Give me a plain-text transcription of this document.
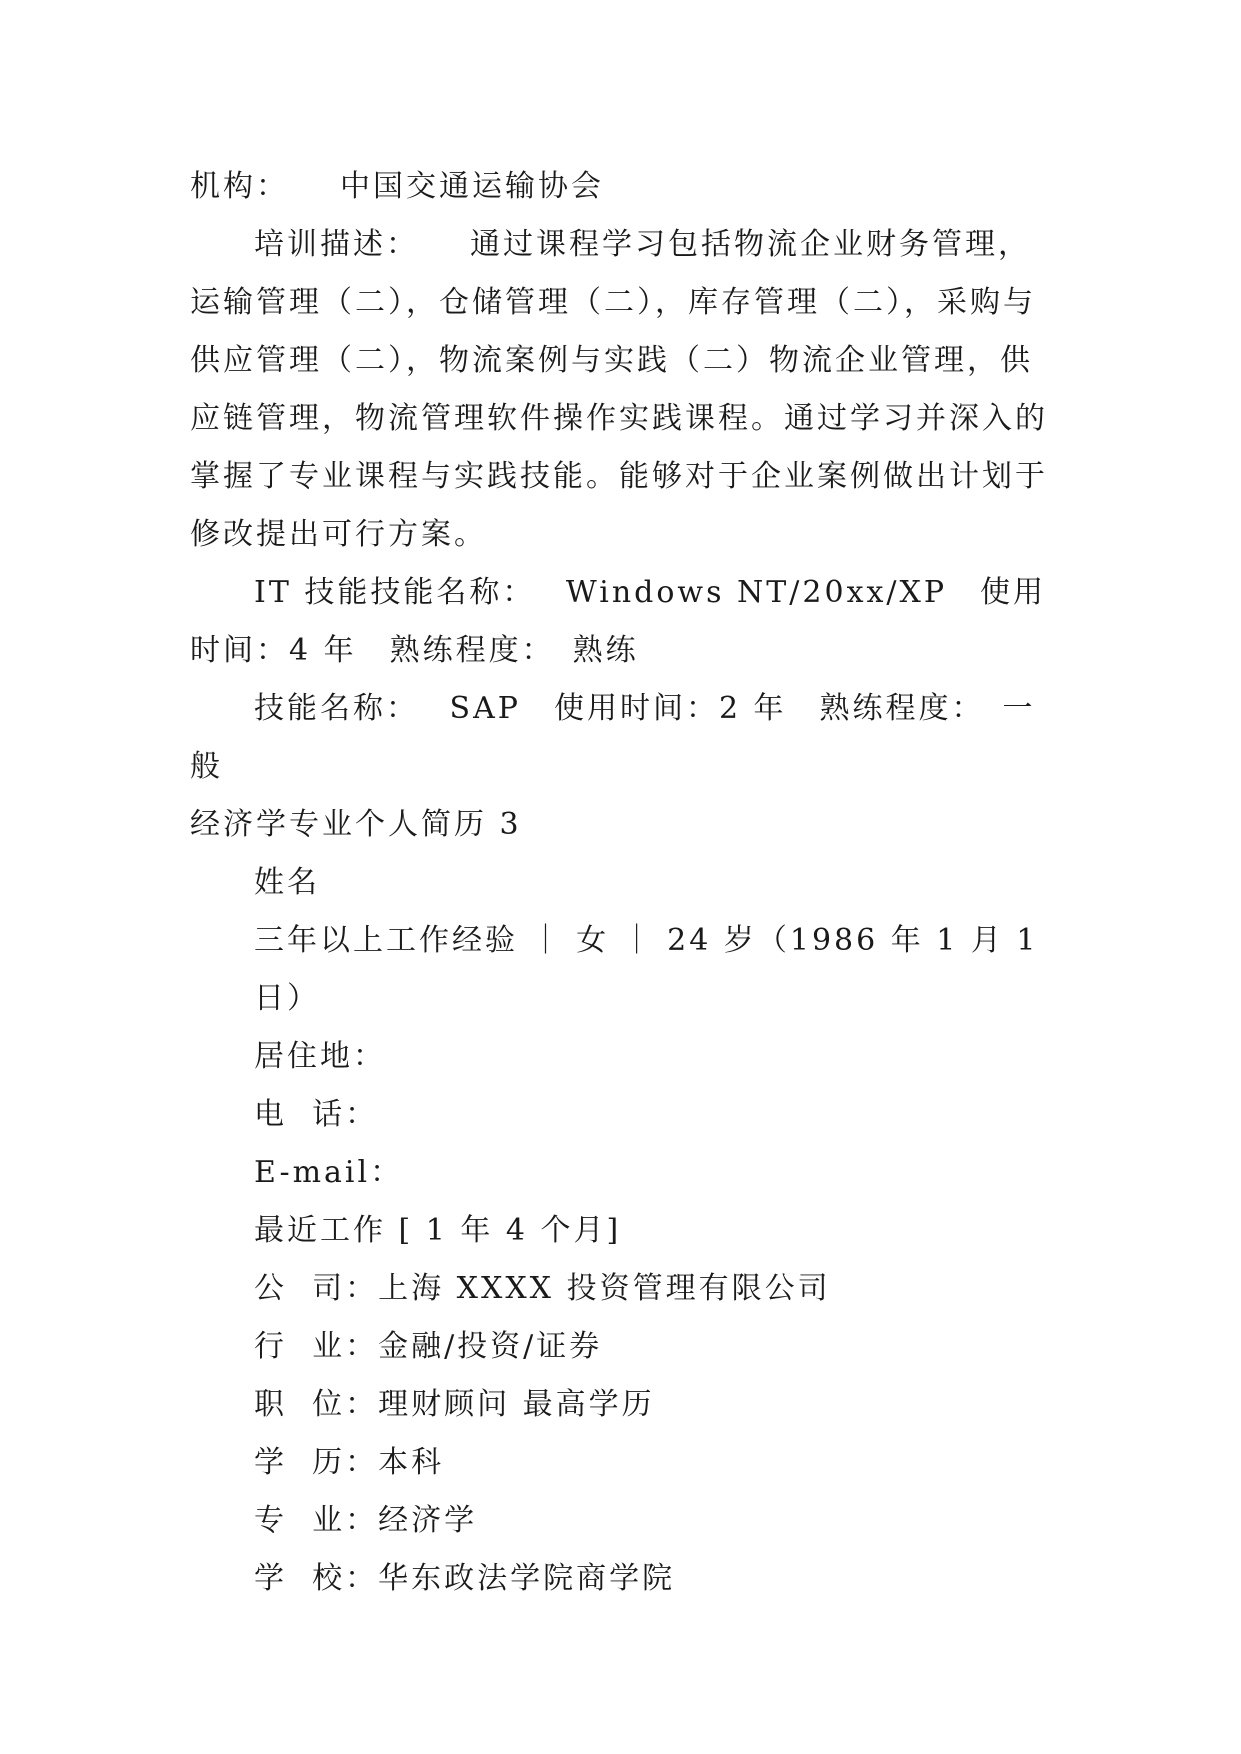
机构：　　中国交通运输协会

培训描述：　　通过课程学习包括物流企业财务管理，运输管理（二），仓储管理（二），库存管理（二），采购与供应管理（二），物流案例与实践（二）物流企业管理，供应链管理，物流管理软件操作实践课程。通过学习并深入的掌握了专业课程与实践技能。能够对于企业案例做出计划于修改提出可行方案。

IT 技能技能名称：　 Windows NT/20xx/XP　使用时间：4 年　熟练程度：　熟练

技能名称：　 SAP　使用时间：2 年　熟练程度：　一般

经济学专业个人简历 3

姓名

三年以上工作经验 ｜ 女 ｜ 24 岁（1986 年 1 月 1 日）

居住地：

电  话：

E-mail：

最近工作 [ 1 年 4 个月]

公  司：上海 XXXX 投资管理有限公司

行  业：金融/投资/证券

职  位：理财顾问 最高学历

学  历：本科

专  业：经济学

学  校：华东政法学院商学院
